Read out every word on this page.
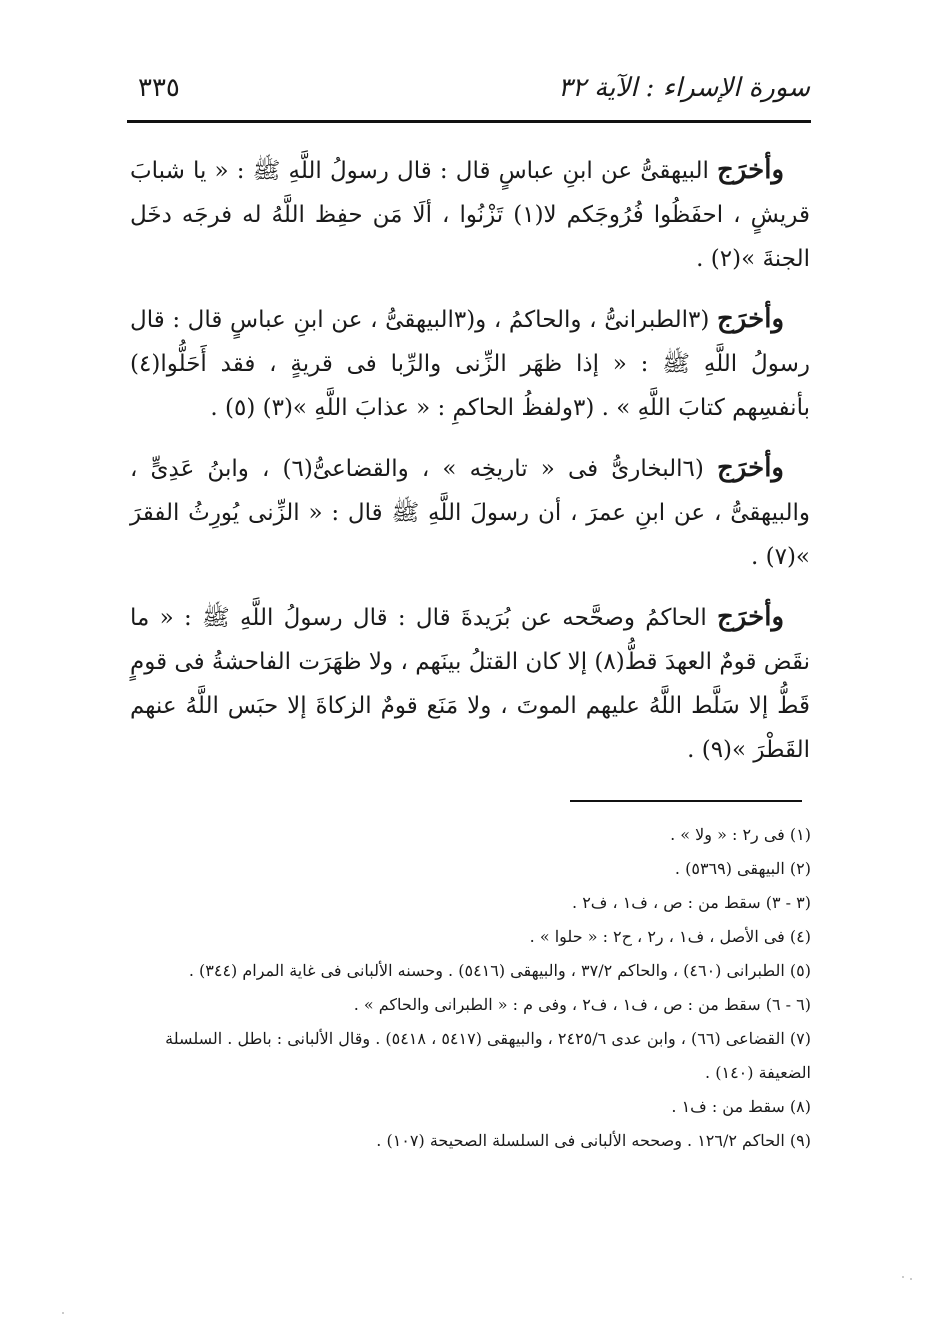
سورة الإسراء : الآية ٣٢
٣٣٥

وأخرَج البيهقىُّ عن ابنِ عباسٍ قال : قال رسولُ اللَّهِ ﷺ : « يا شبابَ قريشٍ ، احفَظُوا فُرُوجَكم لا(١) تَزْنُوا ، ألَا مَن حفِظ اللَّهُ له فرجَه دخَل الجنةَ »(٢) .

وأخرَج (٣الطبرانىُّ ، والحاكمُ ، و(٣البيهقىُّ ، عن ابنِ عباسٍ قال : قال رسولُ اللَّهِ ﷺ : « إذا ظهَر الزِّنى والرِّبا فى قريةٍ ، فقد أَحَلُّوا(٤) بأنفسِهم كتابَ اللَّهِ » . (٣ولفظُ الحاكمِ : « عذابَ اللَّهِ »(٣) (٥) .

وأخرَج (٦البخارىُّ فى « تاريخِه » ، والقضاعىُّ(٦) ، وابنُ عَدِىٍّ ، والبيهقىُّ ، عن ابنِ عمرَ ، أن رسولَ اللَّهِ ﷺ قال : « الزِّنى يُورِثُ الفقرَ »(٧) .

وأخرَج الحاكمُ وصحَّحه عن بُرَيدةَ قال : قال رسولُ اللَّهِ ﷺ : « ما نقَض قومٌ العهدَ قطُّ(٨) إلا كان القتلُ بينَهم ، ولا ظهَرَت الفاحشةُ فى قومٍ قَطُّ إلا سَلَّط اللَّهُ عليهم الموتَ ، ولا مَنَع قومٌ الزكاةَ إلا حبَس اللَّهُ عنهم القَطْرَ »(٩) .

(١) فى ر٢ : « ولا » .

(٢) البيهقى (٥٣٦٩) .

(٣ - ٣) سقط من : ص ، ف١ ، ف٢ .

(٤) فى الأصل ، ف١ ، ر٢ ، ح٢ : « حلوا » .

(٥) الطبرانى (٤٦٠) ، والحاكم ٣٧/٢ ، والبيهقى (٥٤١٦) . وحسنه الألبانى فى غاية المرام (٣٤٤) .

(٦ - ٦) سقط من : ص ، ف١ ، ف٢ ، وفى م : « الطبرانى والحاكم » .

(٧) القضاعى (٦٦) ، وابن عدى ٢٤٢٥/٦ ، والبيهقى (٥٤١٧ ، ٥٤١٨) . وقال الألبانى : باطل . السلسلة الضعيفة (١٤٠) .

(٨) سقط من : ف١ .

(٩) الحاكم ١٢٦/٢ . وصححه الألبانى فى السلسلة الصحيحة (١٠٧) .
